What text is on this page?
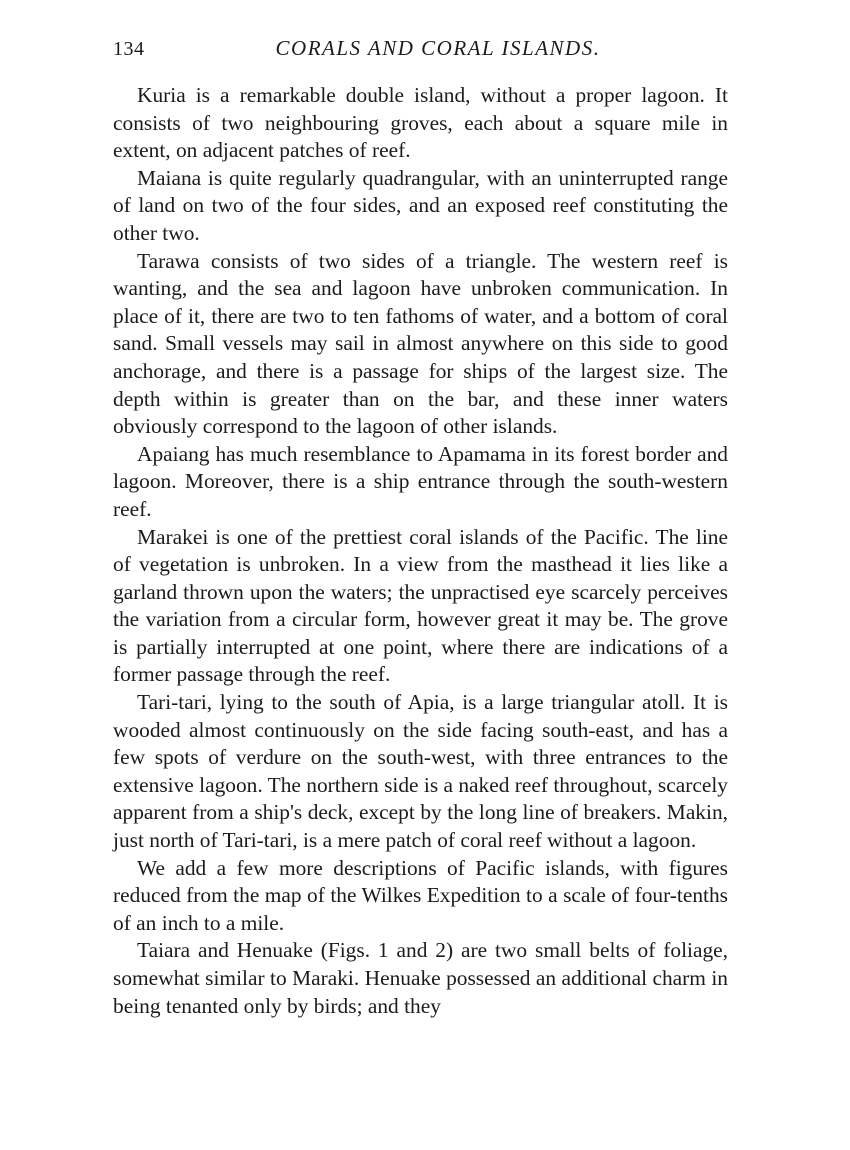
134	CORALS AND CORAL ISLANDS.

Kuria is a remarkable double island, without a proper lagoon. It consists of two neighbouring groves, each about a square mile in extent, on adjacent patches of reef.

Maiana is quite regularly quadrangular, with an uninterrupted range of land on two of the four sides, and an exposed reef constituting the other two.

Tarawa consists of two sides of a triangle. The western reef is wanting, and the sea and lagoon have unbroken communication. In place of it, there are two to ten fathoms of water, and a bottom of coral sand. Small vessels may sail in almost anywhere on this side to good anchorage, and there is a passage for ships of the largest size. The depth within is greater than on the bar, and these inner waters obviously correspond to the lagoon of other islands.

Apaiang has much resemblance to Apamama in its forest border and lagoon. Moreover, there is a ship entrance through the south-western reef.

Marakei is one of the prettiest coral islands of the Pacific. The line of vegetation is unbroken. In a view from the masthead it lies like a garland thrown upon the waters; the unpractised eye scarcely perceives the variation from a circular form, however great it may be. The grove is partially interrupted at one point, where there are indications of a former passage through the reef.

Tari-tari, lying to the south of Apia, is a large triangular atoll. It is wooded almost continuously on the side facing south-east, and has a few spots of verdure on the south-west, with three entrances to the extensive lagoon. The northern side is a naked reef throughout, scarcely apparent from a ship's deck, except by the long line of breakers. Makin, just north of Tari-tari, is a mere patch of coral reef without a lagoon.

We add a few more descriptions of Pacific islands, with figures reduced from the map of the Wilkes Expedition to a scale of four-tenths of an inch to a mile.

Taiara and Henuake (Figs. 1 and 2) are two small belts of foliage, somewhat similar to Maraki. Henuake possessed an additional charm in being tenanted only by birds; and they
